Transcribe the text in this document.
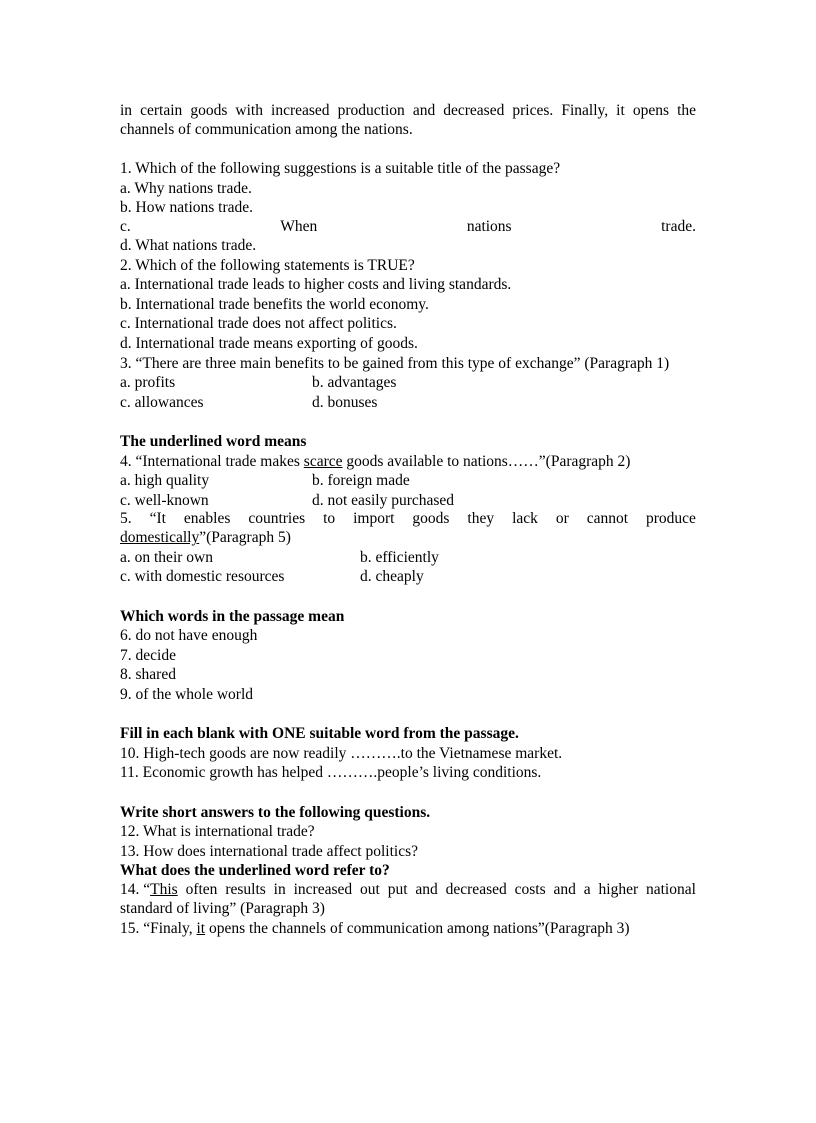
in certain goods with increased production and decreased prices. Finally, it opens the
channels of communication among the nations.
1. Which of the following suggestions is a suitable title of the passage?
a. Why nations trade.
b. How nations trade.
c.	When	nations	trade.
d. What nations trade.
2. Which of the following statements is TRUE?
a. International trade leads to higher costs and living standards.
b. International trade benefits the world economy.
c. International trade does not affect politics.
d. International trade means exporting of goods.
3. “There are three main benefits to be gained from this type of exchange” (Paragraph 1)
a. profits	b. advantages
c. allowances	d. bonuses
The underlined word means
4. “International trade makes scarce goods available to nations……”(Paragraph 2)
a. high quality	b. foreign made
c. well-known	d. not easily purchased
5. “It enables countries to import goods they lack or cannot produce
domestically”(Paragraph 5)
a. on their own	b. efficiently
c. with domestic resources	d. cheaply
Which words in the passage mean
6. do not have enough
7. decide
8. shared
9. of the whole world
Fill in each blank with ONE suitable word from the passage.
10. High-tech goods are now readily ……….to the Vietnamese market.
11. Economic growth has helped ……….people’s living conditions.
Write short answers to the following questions.
12. What is international trade?
13. How does international trade affect politics?
What does the underlined word refer to?
14. “This often results in increased out put and decreased costs and a higher national
standard of living” (Paragraph 3)
15. “Finaly, it opens the channels of communication among nations”(Paragraph 3)
